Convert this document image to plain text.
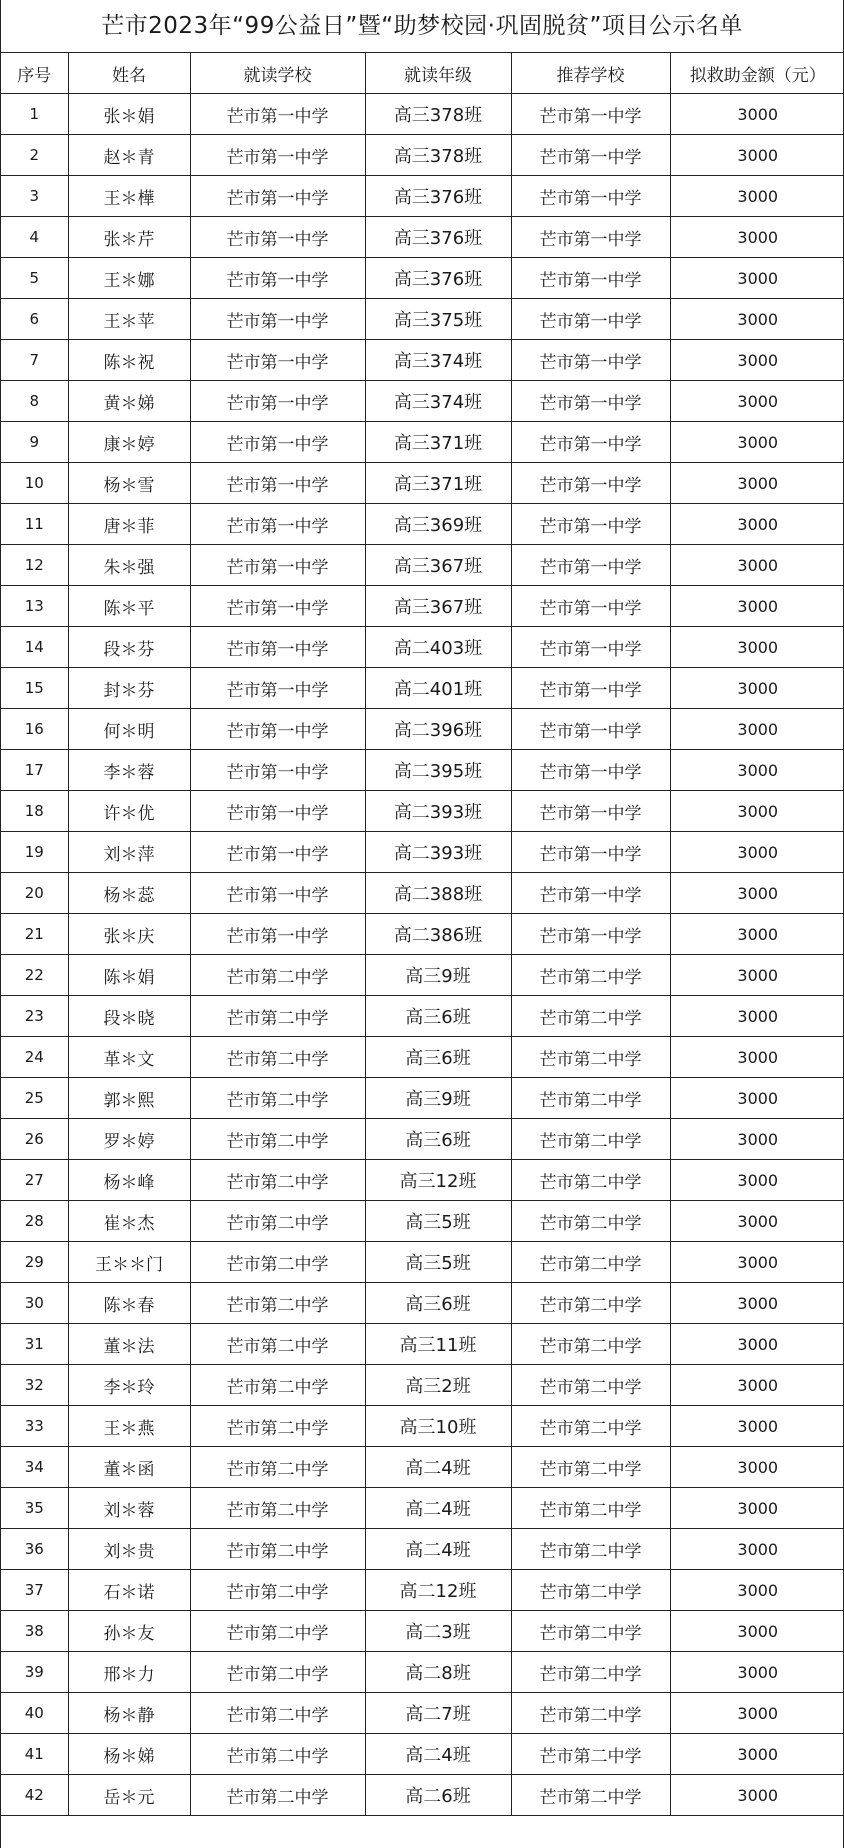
芒市2023年“99公益日”暨“助梦校园·巩固脱贫”项目公示名单
序号	姓名	就读学校	就读年级	推荐学校	拟救助金额（元）
1	张＊娟	芒市第一中学	高三378班	芒市第一中学	3000
2	赵＊青	芒市第一中学	高三378班	芒市第一中学	3000
3	王＊樺	芒市第一中学	高三376班	芒市第一中学	3000
4	张＊芹	芒市第一中学	高三376班	芒市第一中学	3000
5	王＊娜	芒市第一中学	高三376班	芒市第一中学	3000
6	王＊苹	芒市第一中学	高三375班	芒市第一中学	3000
7	陈＊祝	芒市第一中学	高三374班	芒市第一中学	3000
8	黄＊娣	芒市第一中学	高三374班	芒市第一中学	3000
9	康＊婷	芒市第一中学	高三371班	芒市第一中学	3000
10	杨＊雪	芒市第一中学	高三371班	芒市第一中学	3000
11	唐＊菲	芒市第一中学	高三369班	芒市第一中学	3000
12	朱＊强	芒市第一中学	高三367班	芒市第一中学	3000
13	陈＊平	芒市第一中学	高三367班	芒市第一中学	3000
14	段＊芬	芒市第一中学	高二403班	芒市第一中学	3000
15	封＊芬	芒市第一中学	高二401班	芒市第一中学	3000
16	何＊明	芒市第一中学	高二396班	芒市第一中学	3000
17	李＊蓉	芒市第一中学	高二395班	芒市第一中学	3000
18	许＊优	芒市第一中学	高二393班	芒市第一中学	3000
19	刘＊萍	芒市第一中学	高二393班	芒市第一中学	3000
20	杨＊蕊	芒市第一中学	高二388班	芒市第一中学	3000
21	张＊庆	芒市第一中学	高二386班	芒市第一中学	3000
22	陈＊娟	芒市第二中学	高三9班	芒市第二中学	3000
23	段＊晓	芒市第二中学	高三6班	芒市第二中学	3000
24	革＊文	芒市第二中学	高三6班	芒市第二中学	3000
25	郭＊熙	芒市第二中学	高三9班	芒市第二中学	3000
26	罗＊婷	芒市第二中学	高三6班	芒市第二中学	3000
27	杨＊峰	芒市第二中学	高三12班	芒市第二中学	3000
28	崔＊杰	芒市第二中学	高三5班	芒市第二中学	3000
29	王＊＊门	芒市第二中学	高三5班	芒市第二中学	3000
30	陈＊春	芒市第二中学	高三6班	芒市第二中学	3000
31	董＊法	芒市第二中学	高三11班	芒市第二中学	3000
32	李＊玲	芒市第二中学	高三2班	芒市第二中学	3000
33	王＊燕	芒市第二中学	高三10班	芒市第二中学	3000
34	董＊函	芒市第二中学	高二4班	芒市第二中学	3000
35	刘＊蓉	芒市第二中学	高二4班	芒市第二中学	3000
36	刘＊贵	芒市第二中学	高二4班	芒市第二中学	3000
37	石＊诺	芒市第二中学	高二12班	芒市第二中学	3000
38	孙＊友	芒市第二中学	高二3班	芒市第二中学	3000
39	邢＊力	芒市第二中学	高二8班	芒市第二中学	3000
40	杨＊静	芒市第二中学	高二7班	芒市第二中学	3000
41	杨＊娣	芒市第二中学	高二4班	芒市第二中学	3000
42	岳＊元	芒市第二中学	高二6班	芒市第二中学	3000
